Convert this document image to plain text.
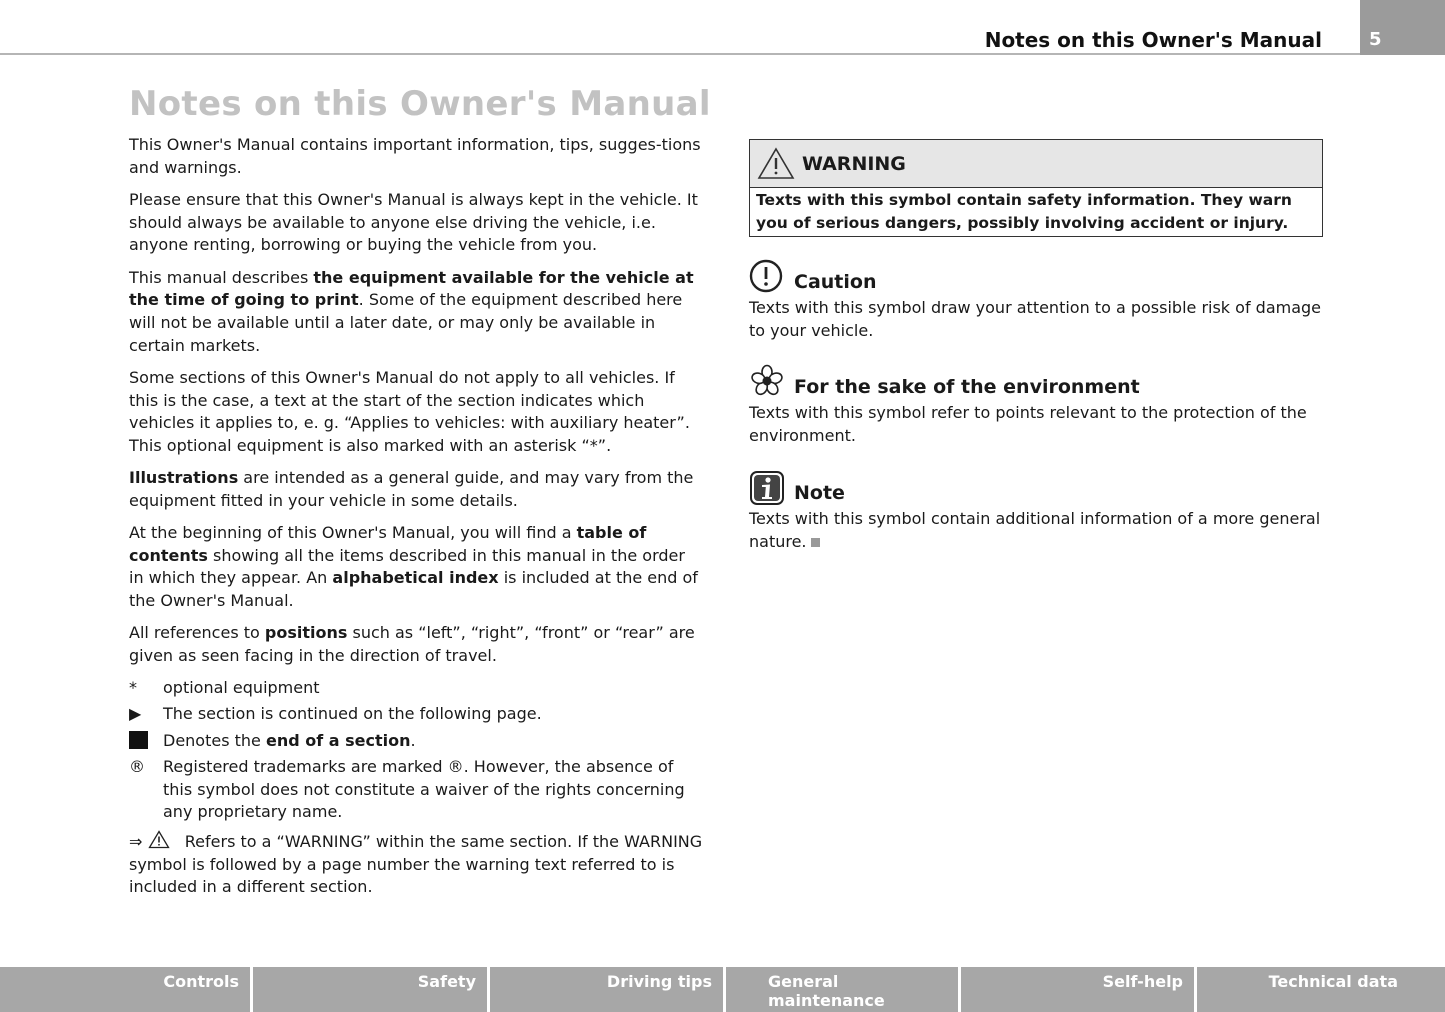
Notes on this Owner's Manual	5
Notes on this Owner's Manual

This Owner's Manual contains important information, tips, sugges-tions and warnings.

Please ensure that this Owner's Manual is always kept in the vehicle. It should always be available to anyone else driving the vehicle, i.e. anyone renting, borrowing or buying the vehicle from you.

This manual describes the equipment available for the vehicle at the time of going to print. Some of the equipment described here will not be available until a later date, or may only be available in certain markets.

Some sections of this Owner's Manual do not apply to all vehicles. If this is the case, a text at the start of the section indicates which vehicles it applies to, e. g. “Applies to vehicles: with auxiliary heater”. This optional equipment is also marked with an asterisk “*”.

Illustrations are intended as a general guide, and may vary from the equipment fitted in your vehicle in some details.

At the beginning of this Owner's Manual, you will find a table of contents showing all the items described in this manual in the order in which they appear. An alphabetical index is included at the end of the Owner's Manual.

All references to positions such as “left”, “right”, “front” or “rear” are given as seen facing in the direction of travel.

*	optional equipment
▶	The section is continued on the following page.
Denotes the end of a section.
®	Registered trademarks are marked ®. However, the absence of this symbol does not constitute a waiver of the rights concerning any proprietary name.

⇒	Refers to a “WARNING” within the same section. If the WARNING symbol is followed by a page number the warning text referred to is included in a different section.

WARNING
Texts with this symbol contain safety information. They warn you of serious dangers, possibly involving accident or injury.
Caution

Texts with this symbol draw your attention to a possible risk of damage to your vehicle.

For the sake of the environment

Texts with this symbol refer to points relevant to the protection of the environment.

Note

Texts with this symbol contain additional information of a more general nature.

Controls	Safety	Driving tips	General maintenance
Self-help	Technical data
